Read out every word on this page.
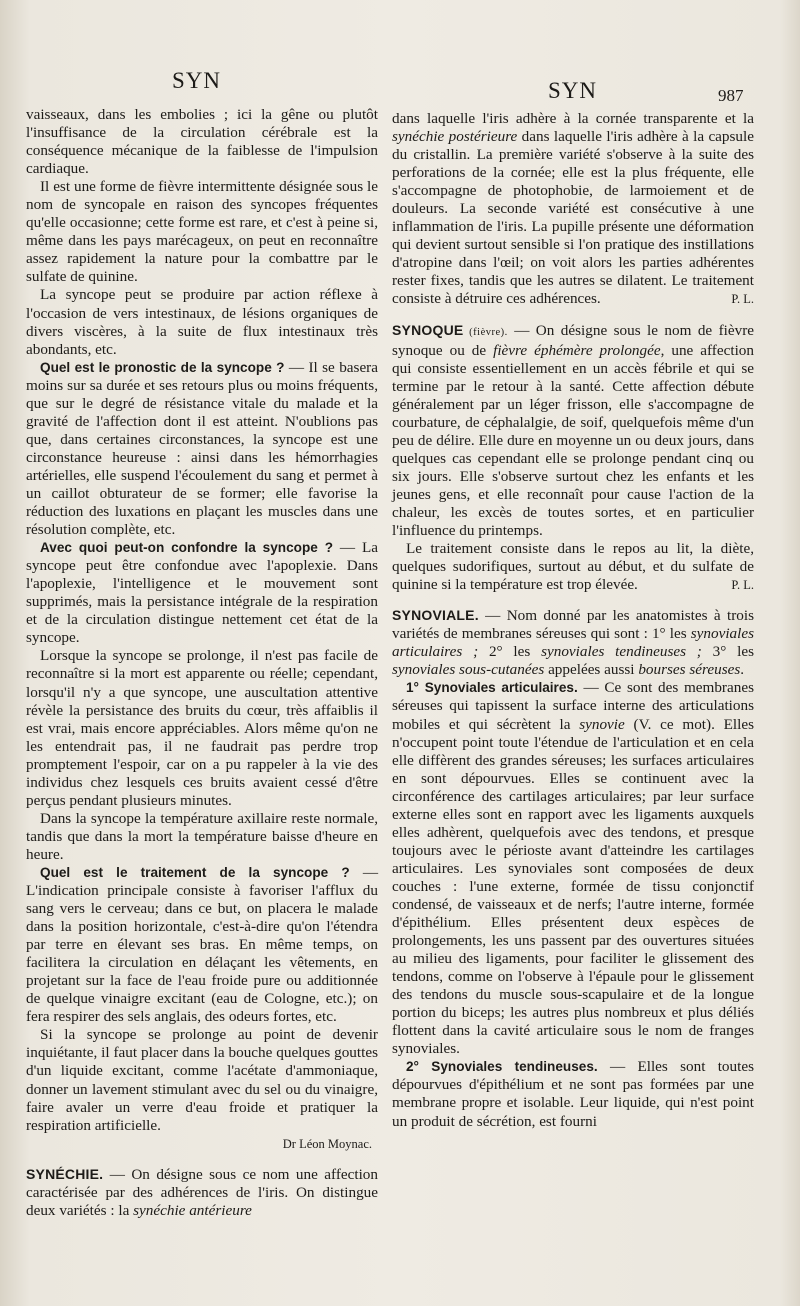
SYN	SYN	987

vaisseaux, dans les embolies ; ici la gêne ou plutôt l'insuffisance de la circulation cérébrale est la conséquence mécanique de la faiblesse de l'impulsion cardiaque.

Il est une forme de fièvre intermittente désignée sous le nom de syncopale en raison des syncopes fréquentes qu'elle occasionne; cette forme est rare, et c'est à peine si, même dans les pays marécageux, on peut en reconnaître assez rapidement la nature pour la combattre par le sulfate de quinine.

La syncope peut se produire par action réflexe à l'occasion de vers intestinaux, de lésions organiques de divers viscères, à la suite de flux intestinaux très abondants, etc.

Quel est le pronostic de la syncope ? — Il se basera moins sur sa durée et ses retours plus ou moins fréquents, que sur le degré de résistance vitale du malade et la gravité de l'affection dont il est atteint. N'oublions pas que, dans certaines circonstances, la syncope est une circonstance heureuse : ainsi dans les hémorrhagies artérielles, elle suspend l'écoulement du sang et permet à un caillot obturateur de se former; elle favorise la réduction des luxations en plaçant les muscles dans une résolution complète, etc.

Avec quoi peut-on confondre la syncope ? — La syncope peut être confondue avec l'apoplexie. Dans l'apoplexie, l'intelligence et le mouvement sont supprimés, mais la persistance intégrale de la respiration et de la circulation distingue nettement cet état de la syncope.

Lorsque la syncope se prolonge, il n'est pas facile de reconnaître si la mort est apparente ou réelle; cependant, lorsqu'il n'y a que syncope, une auscultation attentive révèle la persistance des bruits du cœur, très affaiblis il est vrai, mais encore appréciables. Alors même qu'on ne les entendrait pas, il ne faudrait pas perdre trop promptement l'espoir, car on a pu rappeler à la vie des individus chez lesquels ces bruits avaient cessé d'être perçus pendant plusieurs minutes.

Dans la syncope la température axillaire reste normale, tandis que dans la mort la température baisse d'heure en heure.

Quel est le traitement de la syncope ? — L'indication principale consiste à favoriser l'afflux du sang vers le cerveau; dans ce but, on placera le malade dans la position horizontale, c'est-à-dire qu'on l'étendra par terre en élevant ses bras. En même temps, on facilitera la circulation en délaçant les vêtements, en projetant sur la face de l'eau froide pure ou additionnée de quelque vinaigre excitant (eau de Cologne, etc.); on fera respirer des sels anglais, des odeurs fortes, etc.

Si la syncope se prolonge au point de devenir inquiétante, il faut placer dans la bouche quelques gouttes d'un liquide excitant, comme l'acétate d'ammoniaque, donner un lavement stimulant avec du sel ou du vinaigre, faire avaler un verre d'eau froide et pratiquer la respiration artificielle.

Dr Léon Moynac.

SYNÉCHIE. — On désigne sous ce nom une affection caractérisée par des adhérences de l'iris. On distingue deux variétés : la synéchie antérieure

dans laquelle l'iris adhère à la cornée transparente et la synéchie postérieure dans laquelle l'iris adhère à la capsule du cristallin. La première variété s'observe à la suite des perforations de la cornée; elle est la plus fréquente, elle s'accompagne de photophobie, de larmoiement et de douleurs. La seconde variété est consécutive à une inflammation de l'iris. La pupille présente une déformation qui devient surtout sensible si l'on pratique des instillations d'atropine dans l'œil; on voit alors les parties adhérentes rester fixes, tandis que les autres se dilatent. Le traitement consiste à détruire ces adhérences.	P. L.

SYNOQUE (fièvre). — On désigne sous le nom de fièvre synoque ou de fièvre éphémère prolongée, une affection qui consiste essentiellement en un accès fébrile et qui se termine par le retour à la santé. Cette affection débute généralement par un léger frisson, elle s'accompagne de courbature, de céphalalgie, de soif, quelquefois même d'un peu de délire. Elle dure en moyenne un ou deux jours, dans quelques cas cependant elle se prolonge pendant cinq ou six jours. Elle s'observe surtout chez les enfants et les jeunes gens, et elle reconnaît pour cause l'action de la chaleur, les excès de toutes sortes, et en particulier l'influence du printemps.

Le traitement consiste dans le repos au lit, la diète, quelques sudorifiques, surtout au début, et du sulfate de quinine si la température est trop élevée.	P. L.

SYNOVIALE. — Nom donné par les anatomistes à trois variétés de membranes séreuses qui sont : 1° les synoviales articulaires ; 2° les synoviales tendineuses ; 3° les synoviales sous-cutanées appelées aussi bourses séreuses.

1° Synoviales articulaires. — Ce sont des membranes séreuses qui tapissent la surface interne des articulations mobiles et qui sécrètent la synovie (V. ce mot). Elles n'occupent point toute l'étendue de l'articulation et en cela elle diffèrent des grandes séreuses; les surfaces articulaires en sont dépourvues. Elles se continuent avec la circonférence des cartilages articulaires; par leur surface externe elles sont en rapport avec les ligaments auxquels elles adhèrent, quelquefois avec des tendons, et presque toujours avec le périoste avant d'atteindre les cartilages articulaires. Les synoviales sont composées de deux couches : l'une externe, formée de tissu conjonctif condensé, de vaisseaux et de nerfs; l'autre interne, formée d'épithélium. Elles présentent deux espèces de prolongements, les uns passent par des ouvertures situées au milieu des ligaments, pour faciliter le glissement des tendons, comme on l'observe à l'épaule pour le glissement des tendons du muscle sous-scapulaire et de la longue portion du biceps; les autres plus nombreux et plus déliés flottent dans la cavité articulaire sous le nom de franges synoviales.

2° Synoviales tendineuses. — Elles sont toutes dépourvues d'épithélium et ne sont pas formées par une membrane propre et isolable. Leur liquide, qui n'est point un produit de sécrétion, est fourni
